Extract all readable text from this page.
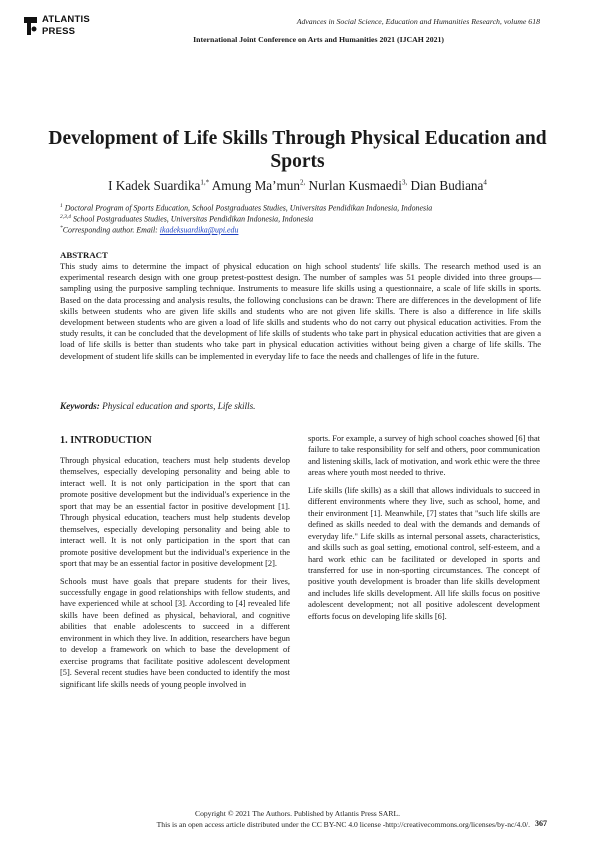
ATLANTIS
PRESS
Advances in Social Science, Education and Humanities Research, volume 618
International Joint Conference on Arts and Humanities 2021 (IJCAH 2021)
Development of Life Skills Through Physical Education and Sports
I Kadek Suardika$^{1,*}$ Amung Ma’mun$^{2,}$ Nurlan Kusmaedi$^{3,}$ Dian Budiana$^4$
$^1$ Doctoral Program of Sports Education, School Postgraduates Studies, Universitas Pendidikan Indonesia, Indonesia
$^{2,3,4}$ School Postgraduates Studies, Universitas Pendidikan Indonesia, Indonesia
*Corresponding author. Email: ikadeksuardika@upi.edu
ABSTRACT
This study aims to determine the impact of physical education on high school students' life skills. The research method used is an experimental research design with one group pretest-posttest design. The number of samples was 51 people divided into three groups—sampling using the purposive sampling technique. Instruments to measure life skills using a questionnaire, a scale of life skills in sports. Based on the data processing and analysis results, the following conclusions can be drawn: There are differences in the development of life skills between students who are given life skills and students who are not given life skills. There is also a difference in life skills development between students who are given a load of life skills and students who do not carry out physical education activities. From the study results, it can be concluded that the development of life skills of students who take part in physical education activities that are given a load of life skills is better than students who take part in physical education activities without being given a charge of life skills. The development of student life skills can be implemented in everyday life to face the needs and challenges of life in the future.
Keywords: Physical education and sports, Life skills.
1. INTRODUCTION

Through physical education, teachers must help students develop themselves, especially developing personality and being able to interact well. It is not only participation in the sport that can promote positive development but the individual's experience in the sport that may be an essential factor in positive development [1]. Through physical education, teachers must help students develop themselves, especially developing personality and being able to interact well. It is not only participation in the sport that can promote positive development but the individual's experience in the sport that may be an essential factor in positive development [2].

Schools must have goals that prepare students for their lives, successfully engage in good relationships with fellow students, and have experienced while at school [3]. According to [4] revealed life skills have been defined as physical, behavioral, and cognitive abilities that enable adolescents to succeed in a different environment in which they live. In addition, researchers have begun to develop a framework on which to base the development of exercise programs that facilitate positive adolescent development [5]. Several recent studies have been conducted to identify the most significant life skills needs of young people involved in

sports. For example, a survey of high school coaches showed [6] that failure to take responsibility for self and others, poor communication and listening skills, lack of motivation, and work ethic were the three areas where youth most needed to thrive.

Life skills (life skills) as a skill that allows individuals to succeed in different environments where they live, such as school, home, and their environment [1]. Meanwhile, [7] states that "such life skills are defined as skills needed to deal with the demands and demands of everyday life." Life skills as internal personal assets, characteristics, and skills such as goal setting, emotional control, self-esteem, and a hard work ethic can be facilitated or developed in sports and transferred for use in non-sporting circumstances. The concept of positive youth development is broader than life skills development and includes life skills development. All life skills focus on positive adolescent development; not all positive adolescent development efforts focus on developing life skills [6].

Copyright © 2021 The Authors. Published by Atlantis Press SARL.
This is an open access article distributed under the CC BY-NC 4.0 license -http://creativecommons.org/licenses/by-nc/4.0/. 367
